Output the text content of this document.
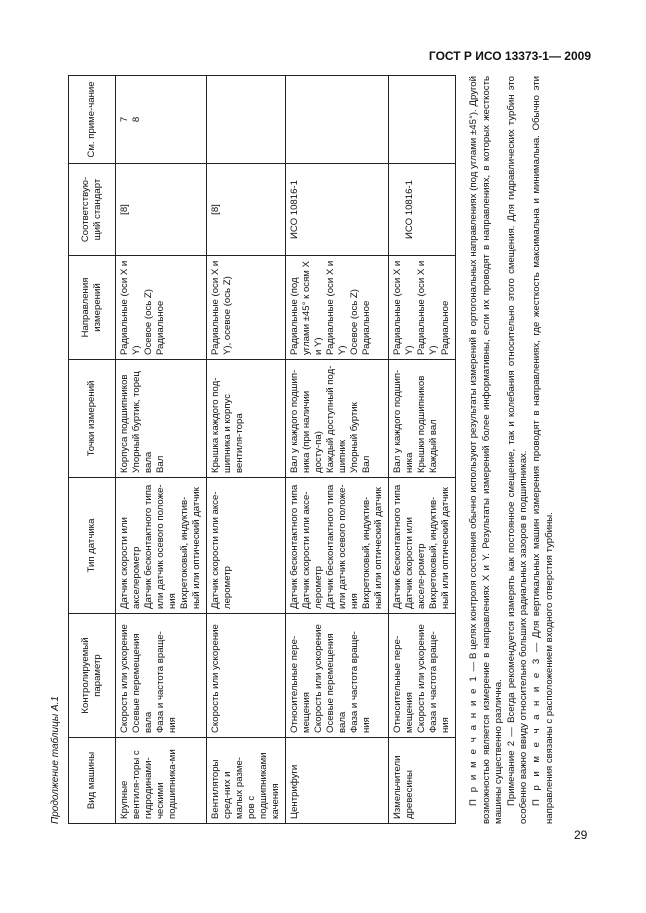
ГОСТ Р ИСО 13373-1— 2009
Продолжение таблицы А.1	Вид машины	Контролируемый параметр	Тип датчика	Точки измерений	Направления измерений	Соответствую-щий стандарт	См. приме-чание
Крупные вентиля-торы с гидродинами-ческими подшипника-ми	Скорость или ускорение Осевые перемещения вала Фаза и частота враще-ния	Датчик скорости или акселерометр Датчик бесконтактного типа или датчик осевого положе-ния Вихретоковый, индуктив-ный или оптический датчик	Корпуса подшипников Упорный буртик, торец вала Вал	Радиальные (оси X и Y) Осевое (ось Z) Радиальное	[8]	7 8

Вентиляторы сред-них и малых разме-ров с подшипниками качения	Скорость или ускорение	Датчик скорости или аксе-лерометр	Крышка каждого под-шипника и корпус вентиля-тора	Радиальные (оси X и Y), осевое (ось Z)	[8]	

Центрифуги	Относительные пере-мещения Скорость или ускорение Осевые перемещения вала Фаза и частота враще-ния	Датчик бесконтактного типа Датчик скорости или аксе-лерометр Датчик бесконтактного типа или датчик осевого положе-ния Вихретоковый, индуктив-ный или оптический датчик	Вал у каждого подшип-ника (при наличии досту-па) Каждый доступный под-шипник Упорный буртик Вал	Радиальные (под углами ±45° к осям X и Y) Радиальные (оси X и Y) Осевое (ось Z) Радиальное	ИСО 10816-1	

Измельчители древесины	Относительные пере-мещения Скорость или ускорение Фаза и частота враще-ния	Датчик бесконтактного типа Датчик скорости или акселе-рометр Вихретоковый, индуктив-ный или оптический датчик	Вал у каждого подшип-ника Крышки подшипников Каждый вал	Радиальные (оси X и Y) Радиальные (оси X и Y) Радиальное	ИСО 10816-1	

П р и м е ч а н и е 1 — В целях контроля состояния обычно используют результаты измерений в ортогональных направлениях (под углами ±45°). Другой возможностью является измерение в направлениях X и Y. Результаты измерений более информативны, если их проводят в направлениях, в которых жесткость машины существенно различна. Примечание 2 — Всегда рекомендуется измерять как постоянное смещение, так и колебания относительно этого смещения. Для гидравлических турбин это особенно важно ввиду относительно больших радиальных зазоров в подшипниках. П р и м е ч а н и е 3 — Для вертикальных машин измерения проводят в направлениях, где жесткость максимальна и минимальна. Обычно эти направления связаны с расположением входного отверстия турбины.

29
